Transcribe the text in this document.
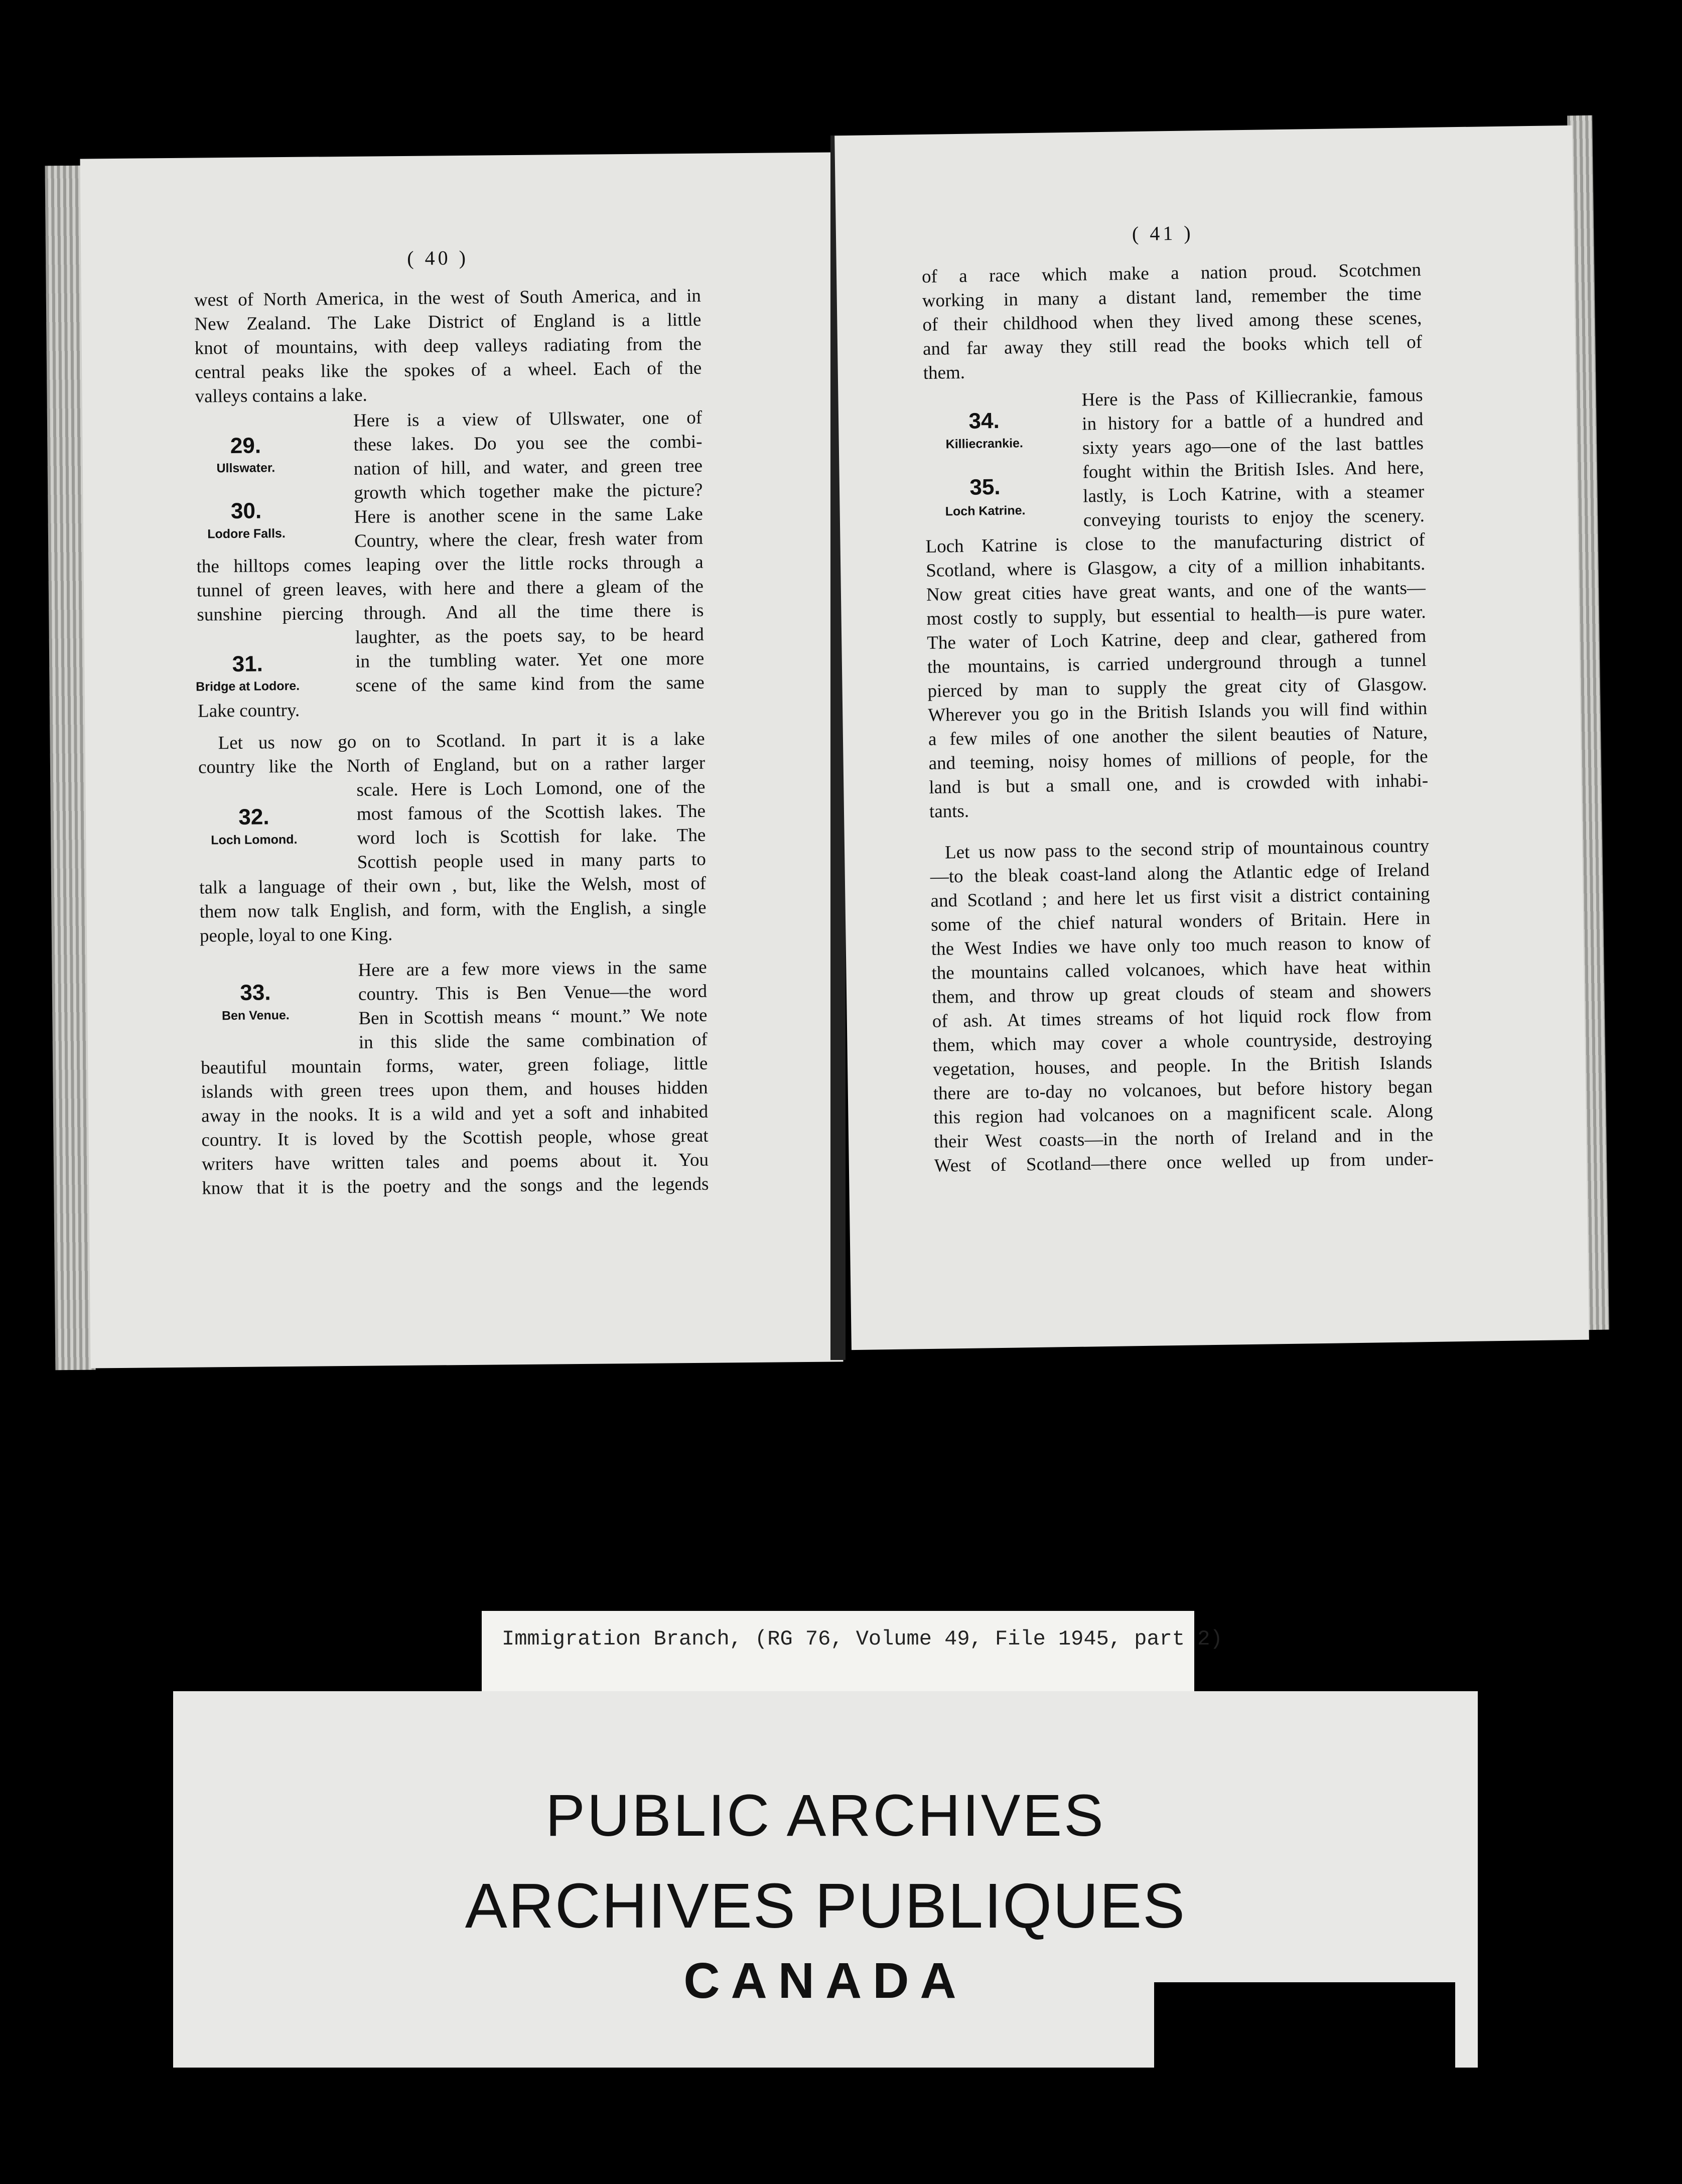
( 40 )
west of North America, in the west of South America, and in
New Zealand. The Lake District of England is a little
knot of mountains, with deep valleys radiating from the
central peaks like the spokes of a wheel. Each of the
valleys contains a lake.
29.
Ullswater.
30.
Lodore Falls.
Here is a view of Ullswater, one of
these lakes. Do you see the combi-
nation of hill, and water, and green tree
growth which together make the picture?
Here is another scene in the same Lake
Country, where the clear, fresh water from
the hilltops comes leaping over the little rocks through a
tunnel of green leaves, with here and there a gleam of the
sunshine piercing through. And all the time there is
31.
Bridge at Lodore.
laughter, as the poets say, to be heard
in the tumbling water. Yet one more
scene of the same kind from the same
Lake country.
Let us now go on to Scotland. In part it is a lake
country like the North of England, but on a rather larger
32.
Loch Lomond.
scale. Here is Loch Lomond, one of the
most famous of the Scottish lakes. The
word loch is Scottish for lake. The
Scottish people used in many parts to
talk a language of their own , but, like the Welsh, most of
them now talk English, and form, with the English, a single
people, loyal to one King.
33.
Ben Venue.
Here are a few more views in the same
country. This is Ben Venue—the word
Ben in Scottish means “ mount.” We note
in this slide the same combination of
beautiful mountain forms, water, green foliage, little
islands with green trees upon them, and houses hidden
away in the nooks. It is a wild and yet a soft and inhabited
country. It is loved by the Scottish people, whose great
writers have written tales and poems about it. You
know that it is the poetry and the songs and the legends
( 41 )
of a race which make a nation proud. Scotchmen
working in many a distant land, remember the time
of their childhood when they lived among these scenes,
and far away they still read the books which tell of
them.
34.
Killiecrankie.
35.
Loch Katrine.
Here is the Pass of Killiecrankie, famous
in history for a battle of a hundred and
sixty years ago—one of the last battles
fought within the British Isles. And here,
lastly, is Loch Katrine, with a steamer
conveying tourists to enjoy the scenery.
Loch Katrine is close to the manufacturing district of
Scotland, where is Glasgow, a city of a million inhabitants.
Now great cities have great wants, and one of the wants—
most costly to supply, but essential to health—is pure water.
The water of Loch Katrine, deep and clear, gathered from
the mountains, is carried underground through a tunnel
pierced by man to supply the great city of Glasgow.
Wherever you go in the British Islands you will find within
a few miles of one another the silent beauties of Nature,
and teeming, noisy homes of millions of people, for the
land is but a small one, and is crowded with inhabi-
tants.
Let us now pass to the second strip of mountainous country
—to the bleak coast-land along the Atlantic edge of Ireland
and Scotland ; and here let us first visit a district containing
some of the chief natural wonders of Britain. Here in
the West Indies we have only too much reason to know of
the mountains called volcanoes, which have heat within
them, and throw up great clouds of steam and showers
of ash. At times streams of hot liquid rock flow from
them, which may cover a whole countryside, destroying
vegetation, houses, and people. In the British Islands
there are to-day no volcanoes, but before history began
this region had volcanoes on a magnificent scale. Along
their West coasts—in the north of Ireland and in the
West of Scotland—there once welled up from under-
Immigration Branch, (RG 76, Volume 49, File 1945, part 2)
PUBLIC ARCHIVES
ARCHIVES PUBLIQUES
CANADA
